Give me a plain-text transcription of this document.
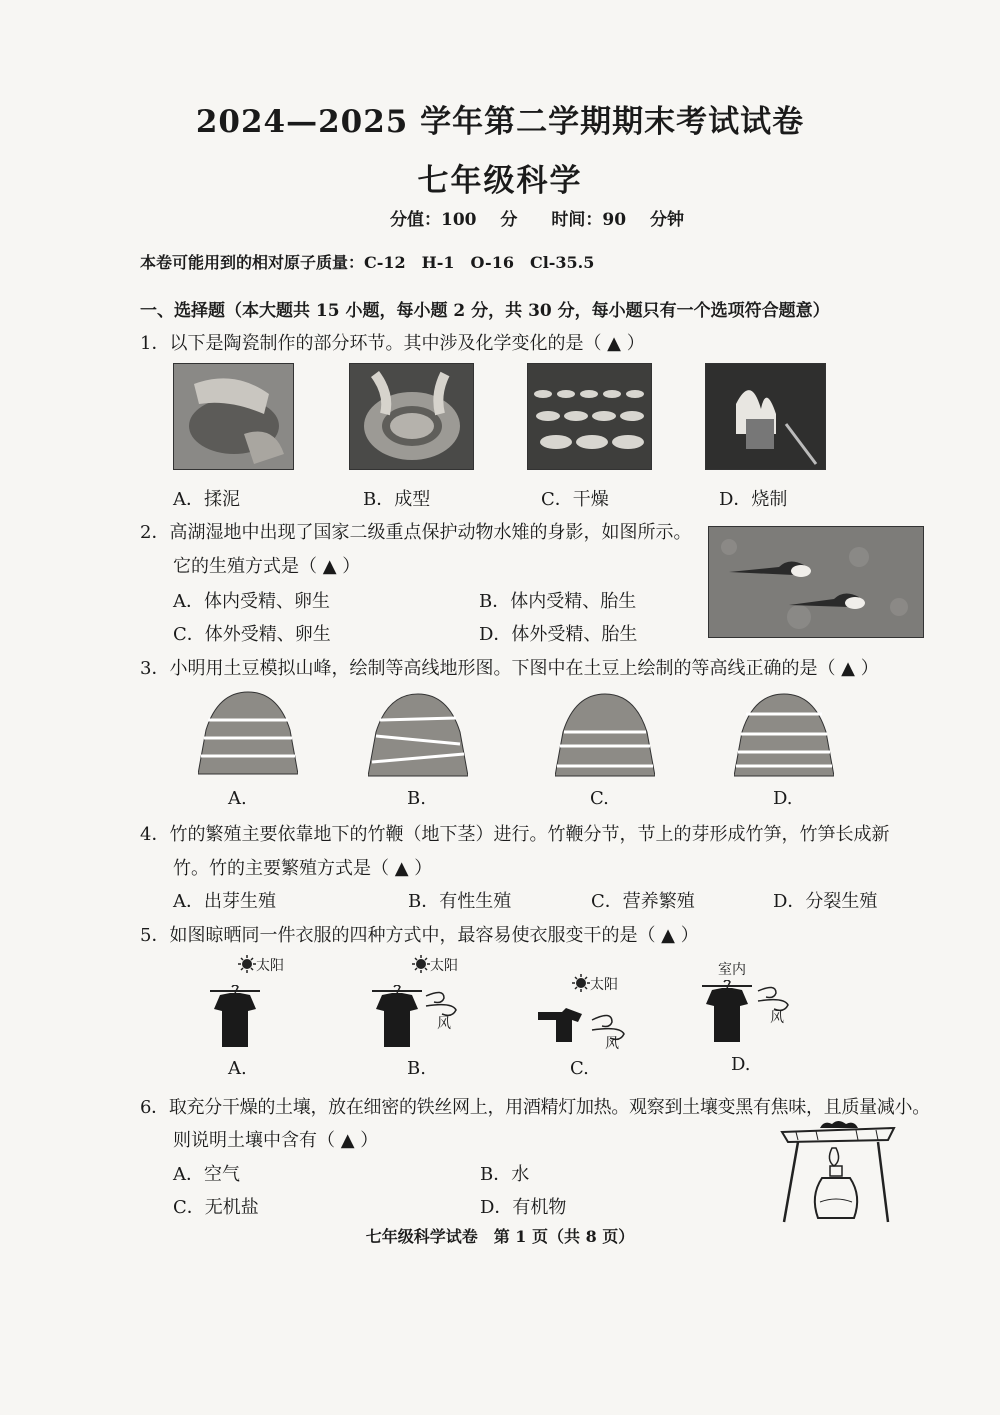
2024—2025 学年第二学期期末考试试卷
七年级科学
分值：100 分　　时间：90 分钟
本卷可能用到的相对原子质量：C-12　H-1　O-16　Cl-35.5
一、选择题（本大题共 15 小题，每小题 2 分，共 30 分，每小题只有一个选项符合题意）
1．以下是陶瓷制作的部分环节。其中涉及化学变化的是（ ▲ ）
A．揉泥	B．成型	C．干燥	D．烧制
2．高湖湿地中出现了国家二级重点保护动物水雉的身影，如图所示。
它的生殖方式是（ ▲ ）
A．体内受精、卵生	B．体内受精、胎生
C．体外受精、卵生	D．体外受精、胎生
3．小明用土豆模拟山峰，绘制等高线地形图。下图中在土豆上绘制的等高线正确的是（ ▲ ）
A.	B.	C.	D.
4．竹的繁殖主要依靠地下的竹鞭（地下茎）进行。竹鞭分节，节上的芽形成竹笋，竹笋长成新
竹。竹的主要繁殖方式是（ ▲ ）
A．出芽生殖	B．有性生殖	C．营养繁殖	D．分裂生殖
5．如图晾晒同一件衣服的四种方式中，最容易使衣服变干的是（ ▲ ）
太阳
A.
太阳
风
B.
太阳
风
C.
室内
风
D.
6．取充分干燥的土壤，放在细密的铁丝网上，用酒精灯加热。观察到土壤变黑有焦味，且质量减小。
则说明土壤中含有（ ▲ ）
A．空气	B．水
C．无机盐	D．有机物
七年级科学试卷　第 1 页（共 8 页）
